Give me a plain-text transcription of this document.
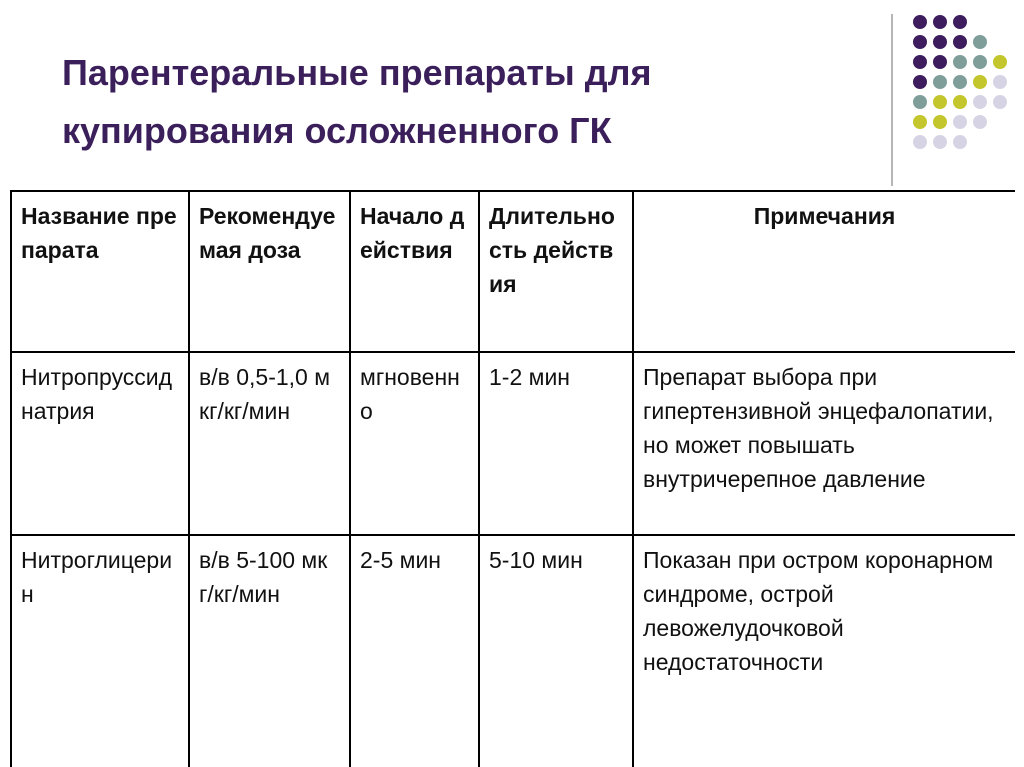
Парентеральные препараты для
купирования осложненного ГК
Название препарата	Рекомендуемая доза	Начало действия	Длительность действия	Примечания
Нитропруссид натрия	в/в 0,5-1,0 мкг/кг/мин	мгновенно	1-2 мин	Препарат выбора при гипертензивной энцефалопатии, но может повышать внутричерепное давление
Нитроглицерин	в/в 5-100 мкг/кг/мин	2-5 мин	5-10 мин	Показан при остром коронарном синдроме, острой левожелудочковой недостаточности
